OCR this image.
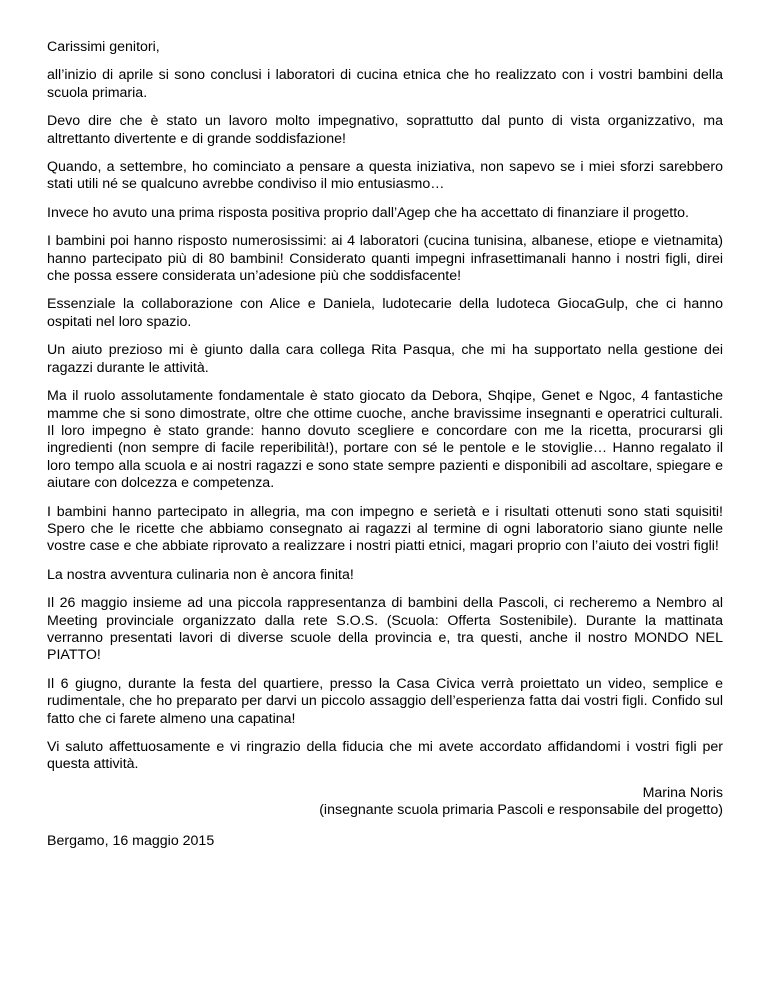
Carissimi genitori,

all’inizio di aprile si sono conclusi i laboratori di cucina etnica che ho realizzato con i vostri bambini della scuola primaria.

Devo dire che è stato un lavoro molto impegnativo, soprattutto dal punto di vista organizzativo, ma altrettanto divertente e di grande soddisfazione!

Quando, a settembre, ho cominciato a pensare a questa iniziativa, non sapevo se i miei sforzi sarebbero stati utili né se qualcuno avrebbe condiviso il mio entusiasmo…

Invece ho avuto una prima risposta positiva proprio dall’Agep che ha accettato di finanziare il progetto.

I bambini poi hanno risposto numerosissimi: ai 4 laboratori (cucina tunisina, albanese, etiope e vietnamita) hanno partecipato più di 80 bambini! Considerato quanti impegni infrasettimanali hanno i nostri figli, direi che possa essere considerata un’adesione più che soddisfacente!

Essenziale la collaborazione con Alice e Daniela, ludotecarie della ludoteca GiocaGulp, che ci hanno ospitati nel loro spazio.

Un aiuto prezioso mi è giunto dalla cara collega Rita Pasqua, che mi ha supportato nella gestione dei ragazzi durante le attività.

Ma il ruolo assolutamente fondamentale è stato giocato da Debora, Shqipe, Genet e Ngoc, 4 fantastiche mamme che si sono dimostrate, oltre che ottime cuoche, anche bravissime insegnanti e operatrici culturali. Il loro impegno è stato grande: hanno dovuto scegliere e concordare con me la ricetta, procurarsi gli ingredienti (non sempre di facile reperibilità!), portare con sé le pentole e le stoviglie… Hanno regalato il loro tempo alla scuola e ai nostri ragazzi e sono state sempre pazienti e disponibili ad ascoltare, spiegare e aiutare con dolcezza e competenza.

I bambini hanno partecipato in allegria, ma con impegno e serietà e i risultati ottenuti sono stati squisiti! Spero che le ricette che abbiamo consegnato ai ragazzi al termine di ogni laboratorio siano giunte nelle vostre case e che abbiate riprovato a realizzare i nostri piatti etnici, magari proprio con l’aiuto dei vostri figli!

La nostra avventura culinaria non è ancora finita!

Il 26 maggio insieme ad una piccola rappresentanza di bambini della Pascoli, ci recheremo a Nembro al Meeting provinciale organizzato dalla rete S.O.S. (Scuola: Offerta Sostenibile). Durante la mattinata verranno presentati lavori di diverse scuole della provincia e, tra questi, anche il nostro MONDO NEL PIATTO!

Il 6 giugno, durante la festa del quartiere, presso la Casa Civica verrà proiettato un video, semplice e rudimentale, che ho preparato per darvi un piccolo assaggio dell’esperienza fatta dai vostri figli. Confido sul fatto che ci farete almeno una capatina!

Vi saluto affettuosamente e vi ringrazio della fiducia che mi avete accordato affidandomi i vostri figli per questa attività.

Marina Noris
(insegnante scuola primaria Pascoli e responsabile del progetto)

Bergamo, 16 maggio 2015
